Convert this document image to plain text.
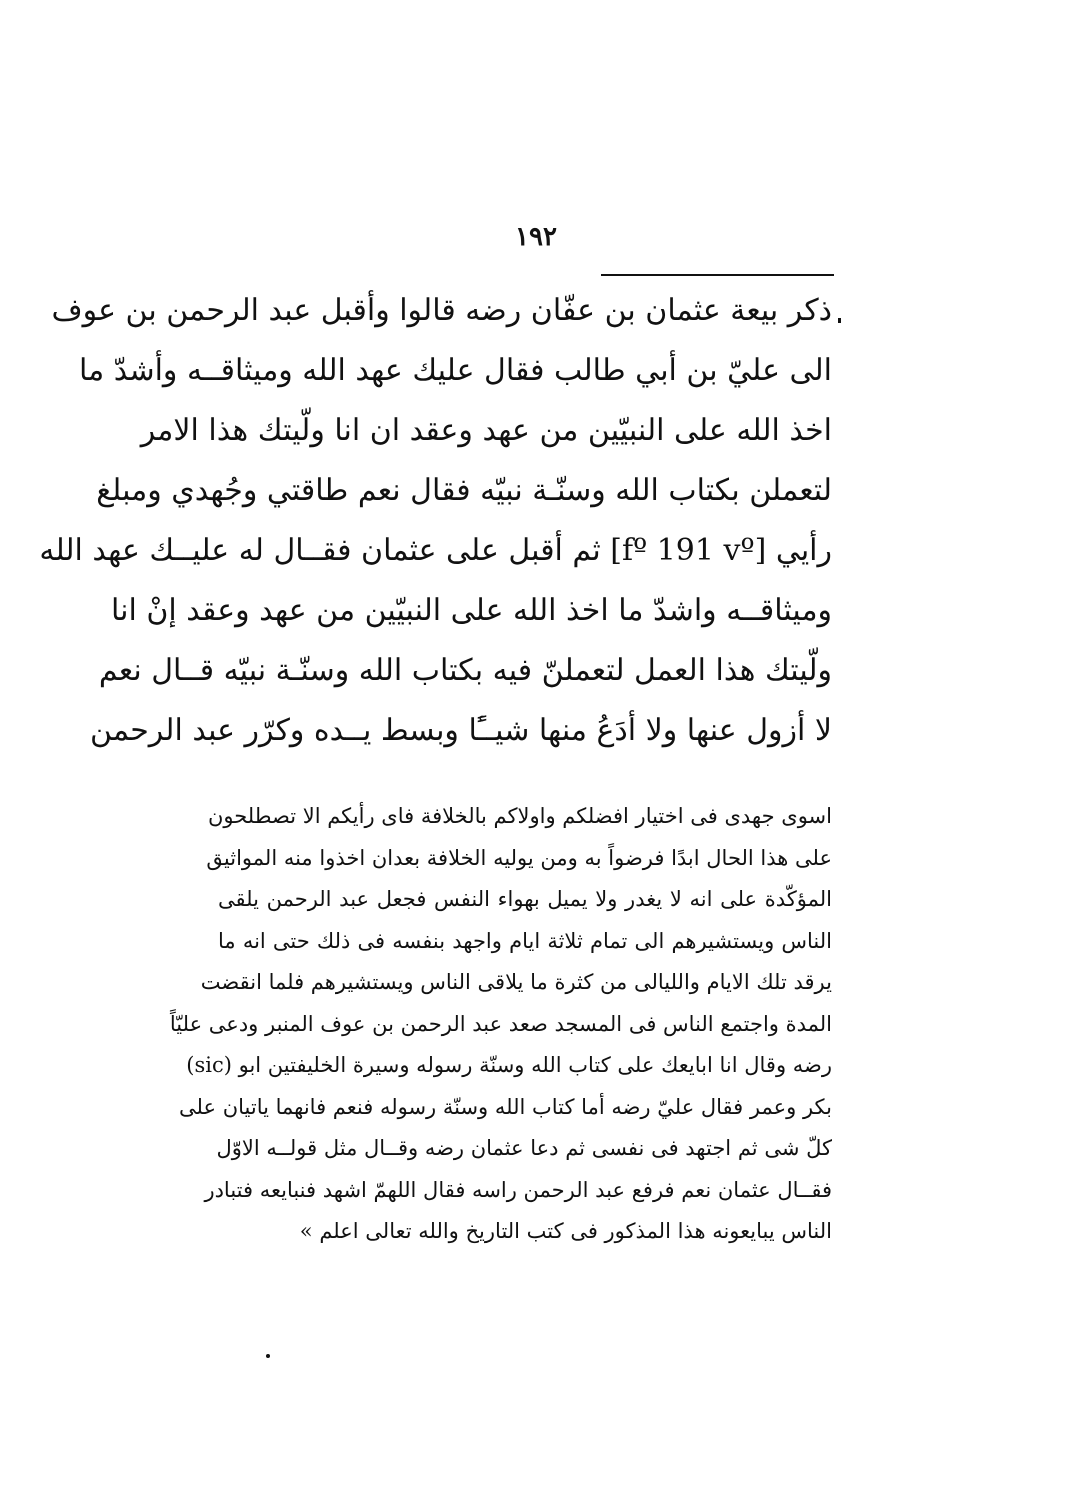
١٩٢
ذكر بيعة عثمان بن عفّان رضه قالوا وأقبل عبد الرحمن بن عوف
الى عليّ بن أبي طالب فقال عليك عهد الله وميثاقــه وأشدّ ما
اخذ الله على النبيّين من عهد وعقد ان انا ولّيتك هذا الامر
لتعملن بكتاب الله وسنّـة نبيّه فقال نعم طاقتي وجُهدي ومبلغ
رأيي [fº 191 vº] ثم أقبل على عثمان فقــال له عليــك عهد الله
وميثاقــه واشدّ ما اخذ الله على النبيّين من عهد وعقد إنْ انا
ولّيتك هذا العمل لتعملنّ فيه بكتاب الله وسنّـة نبيّه قــال نعم
لا أزول عنها ولا أدَعُ منها شيــًٔا وبسط يــده وكرّر عبد الرحمن
اسوى جهدى فى اختيار افضلكم واولاكم بالخلافة فاى رأيكم الا تصطلحون
على هذا الحال ابدًا فرضواً به ومن يوليه الخلافة بعدان اخذوا منه المواثيق
المؤكّدة على انه لا يغدر ولا يميل بهواء النفس فجعل عبد الرحمن يلقى
الناس ويستشيرهم الى تمام ثلاثة ايام واجهد بنفسه فى ذلك حتى انه ما
يرقد تلك الايام والليالى من كثرة ما يلاقى الناس ويستشيرهم فلما انقضت
المدة واجتمع الناس فى المسجد صعد عبد الرحمن بن عوف المنبر ودعى عليّاً
رضه وقال انا ابايعك على كتاب الله وسنّة رسوله وسيرة الخليفتين ابو (sic)
بكر وعمر فقال عليّ رضه أما كتاب الله وسنّة رسوله فنعم فانهما ياتيان على
كلّ شى ثم اجتهد فى نفسى ثم دعا عثمان رضه وقــال مثل قولــه الاوّل
فقــال عثمان نعم فرفع عبد الرحمن راسه فقال اللهمّ اشهد فنبايعه فتبادر
الناس يبايعونه هذا المذكور فى كتب التاريخ والله تعالى اعلم »
